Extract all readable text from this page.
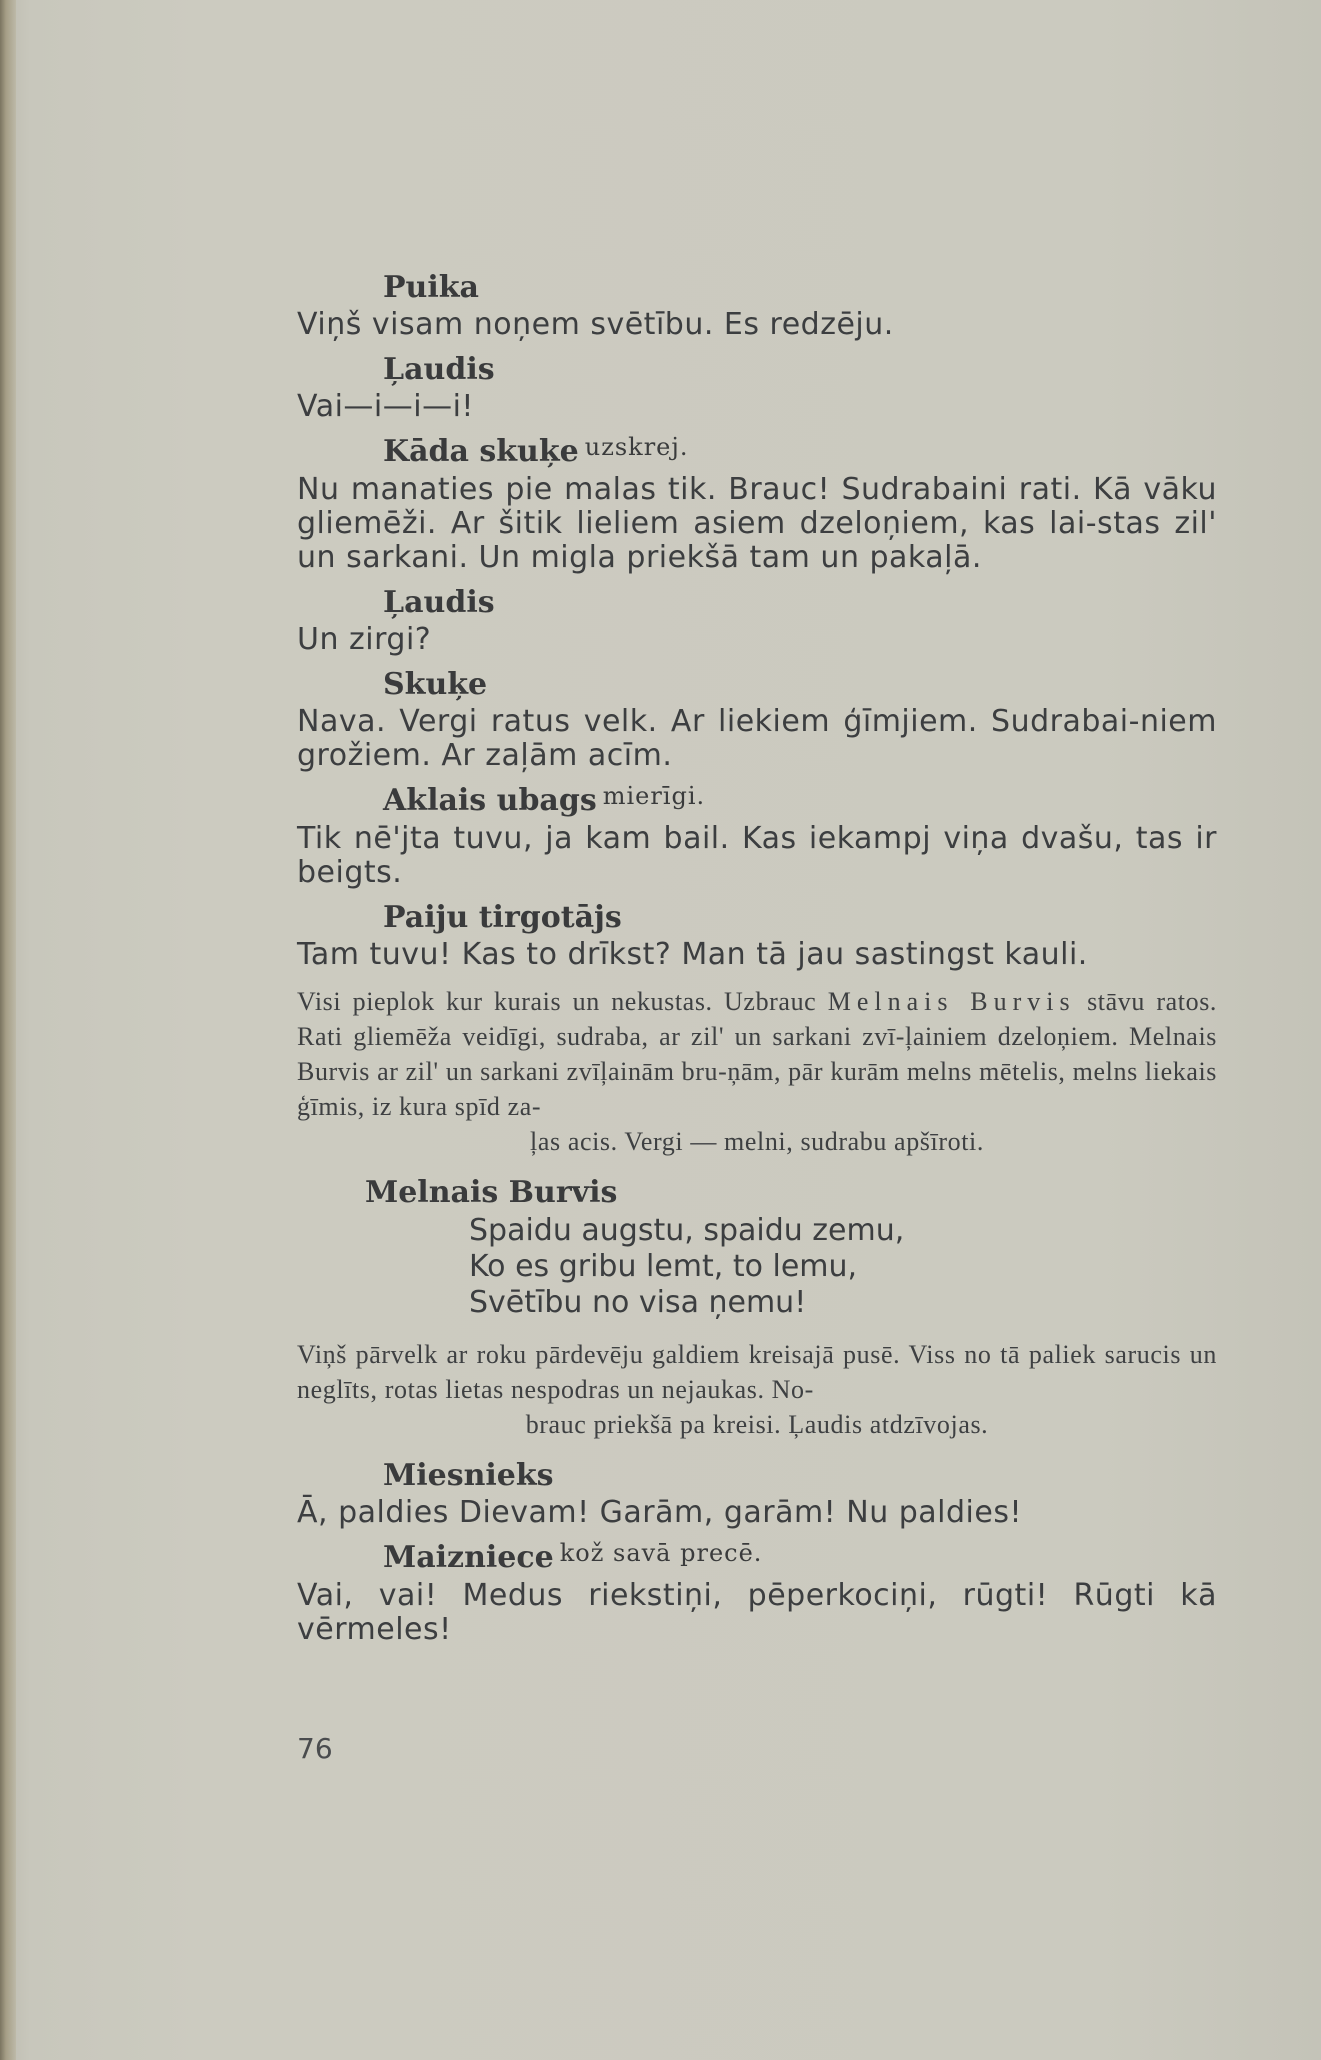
Puika
Viņš visam noņem svētību. Es redzēju.
Ļaudis
Vai—i—i—i!
Kāda skuķe $^{uzskrej.}$
Nu manaties pie malas tik. Brauc! Sudrabaini rati. Kā vāku gliemēži. Ar šitik lieliem asiem dzeloņiem, kas lai-stas zil' un sarkani. Un migla priekšā tam un pakaļā.
Ļaudis
Un zirgi?
Skuķe
Nava. Vergi ratus velk. Ar liekiem ģīmjiem. Sudrabai-niem grožiem. Ar zaļām acīm.
Aklais ubags $^{mierīgi.}$
Tik nē'jta tuvu, ja kam bail. Kas iekampj viņa dvašu, tas ir beigts.
Paiju tirgotājs
Tam tuvu! Kas to drīkst? Man tā jau sastingst kauli.
Visi pieplok kur kurais un nekustas. Uzbrauc Melnais Burvis stāvu ratos. Rati gliemēža veidīgi, sudraba, ar zil' un sarkani zvī-ļainiem dzeloņiem. Melnais Burvis ar zil' un sarkani zvīļainām bru-ņām, pār kurām melns mētelis, melns liekais ģīmis, iz kura spīd za-
ļas acis. Vergi — melni, sudrabu apšīroti.
Melnais Burvis
Spaidu augstu, spaidu zemu,
Ko es gribu lemt, to lemu,
Svētību no visa ņemu!
Viņš pārvelk ar roku pārdevēju galdiem kreisajā pusē. Viss no tā paliek sarucis un neglīts, rotas lietas nespodras un nejaukas. No-
brauc priekšā pa kreisi. Ļaudis atdzīvojas.
Miesnieks
Ā, paldies Dievam! Garām, garām! Nu paldies!
Maizniece $^{kož savā precē.}$
Vai, vai! Medus riekstiņi, pēperkociņi, rūgti! Rūgti kā vērmeles!
76
